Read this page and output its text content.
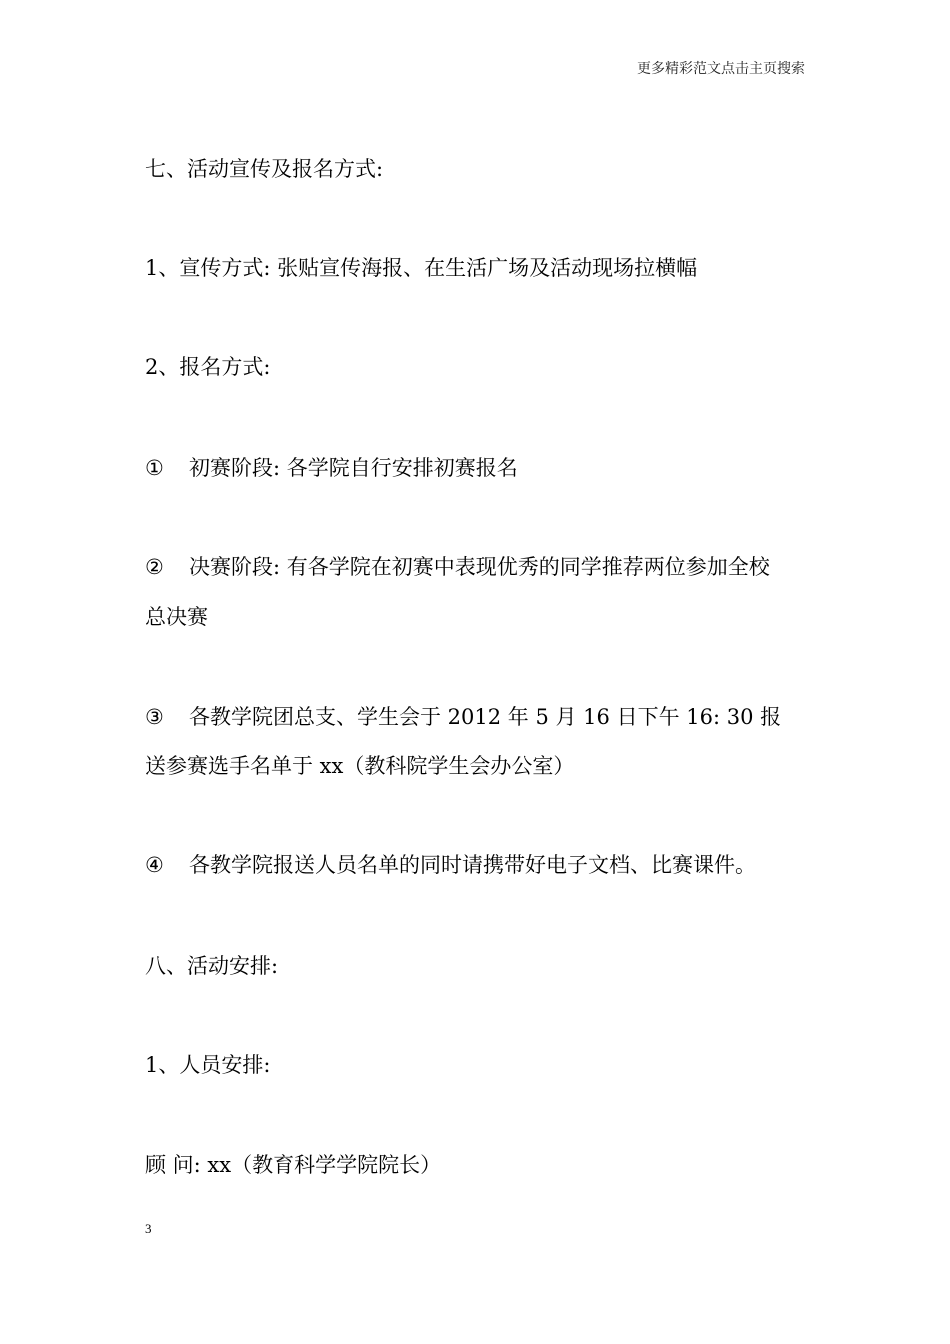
更多精彩范文点击主页搜索
七、活动宣传及报名方式:
1、宣传方式: 张贴宣传海报、在生活广场及活动现场拉横幅
2、报名方式:
① 初赛阶段: 各学院自行安排初赛报名
② 决赛阶段: 有各学院在初赛中表现优秀的同学推荐两位参加全校
总决赛
③ 各教学院团总支、学生会于 2012 年 5 月 16 日下午 16: 30 报
送参赛选手名单于 xx（教科院学生会办公室）
④ 各教学院报送人员名单的同时请携带好电子文档、比赛课件。
八、活动安排:
1、人员安排:
顾 问: xx（教育科学学院院长）
3
